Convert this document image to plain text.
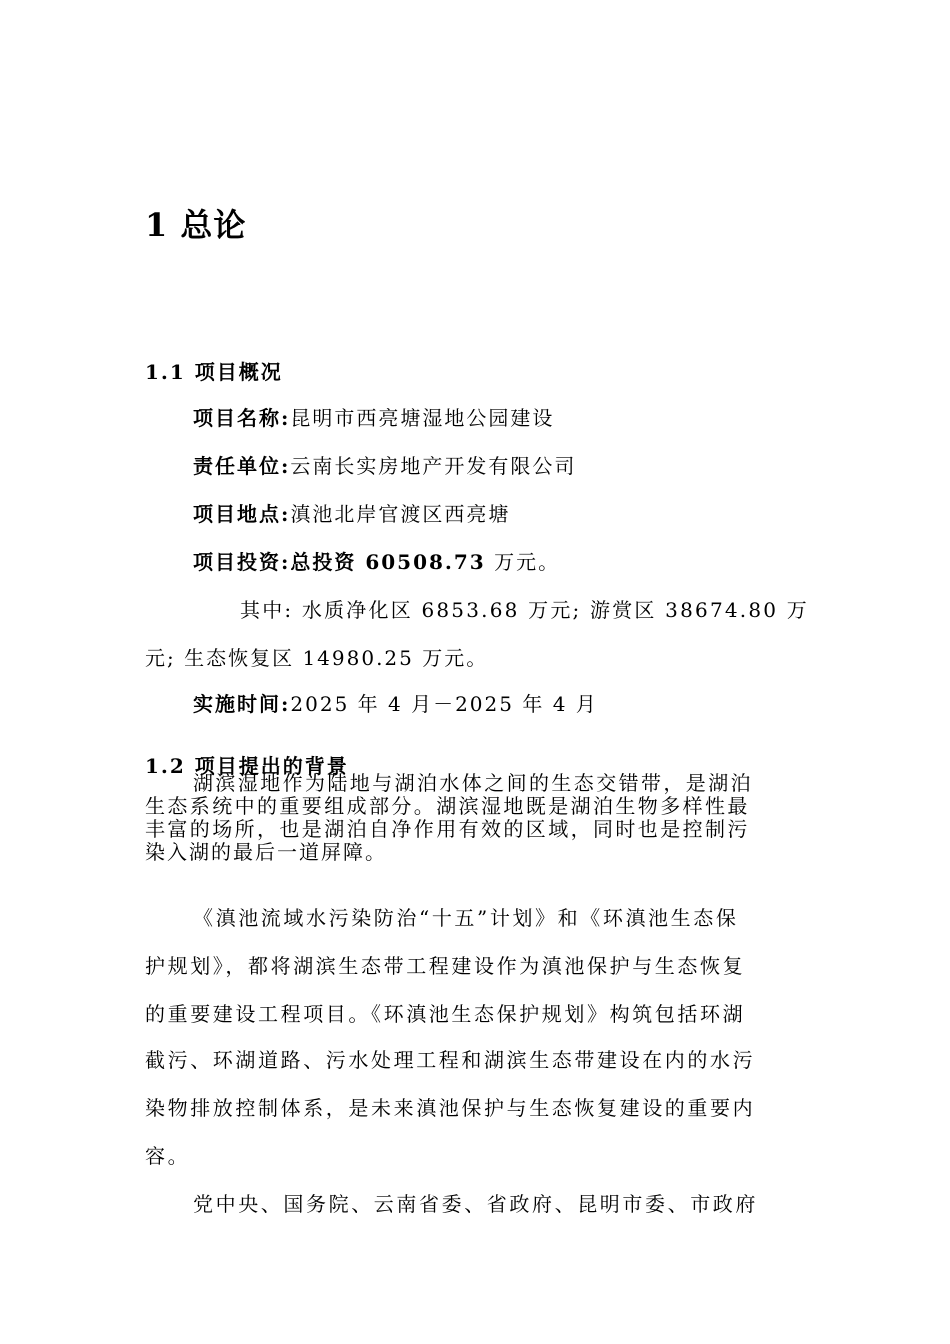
1 总论
1.1 项目概况
项目名称:昆明市西亮塘湿地公园建设
责任单位:云南长实房地产开发有限公司
项目地点:滇池北岸官渡区西亮塘
项目投资:总投资 60508.73 万元。
其中: 水质净化区 6853.68 万元; 游赏区 38674.80 万
元; 生态恢复区 14980.25 万元。
实施时间:2025 年 4 月－2025 年 4 月
1.2 项目提出的背景
湖滨湿地作为陆地与湖泊水体之间的生态交错带，是湖泊
生态系统中的重要组成部分。湖滨湿地既是湖泊生物多样性最
丰富的场所，也是湖泊自净作用有效的区域，同时也是控制污
染入湖的最后一道屏障。
《滇池流域水污染防治“十五”计划》和《环滇池生态保
护规划》，都将湖滨生态带工程建设作为滇池保护与生态恢复
的重要建设工程项目。《环滇池生态保护规划》构筑包括环湖
截污、环湖道路、污水处理工程和湖滨生态带建设在内的水污
染物排放控制体系，是未来滇池保护与生态恢复建设的重要内
容。
党中央、国务院、云南省委、省政府、昆明市委、市政府
